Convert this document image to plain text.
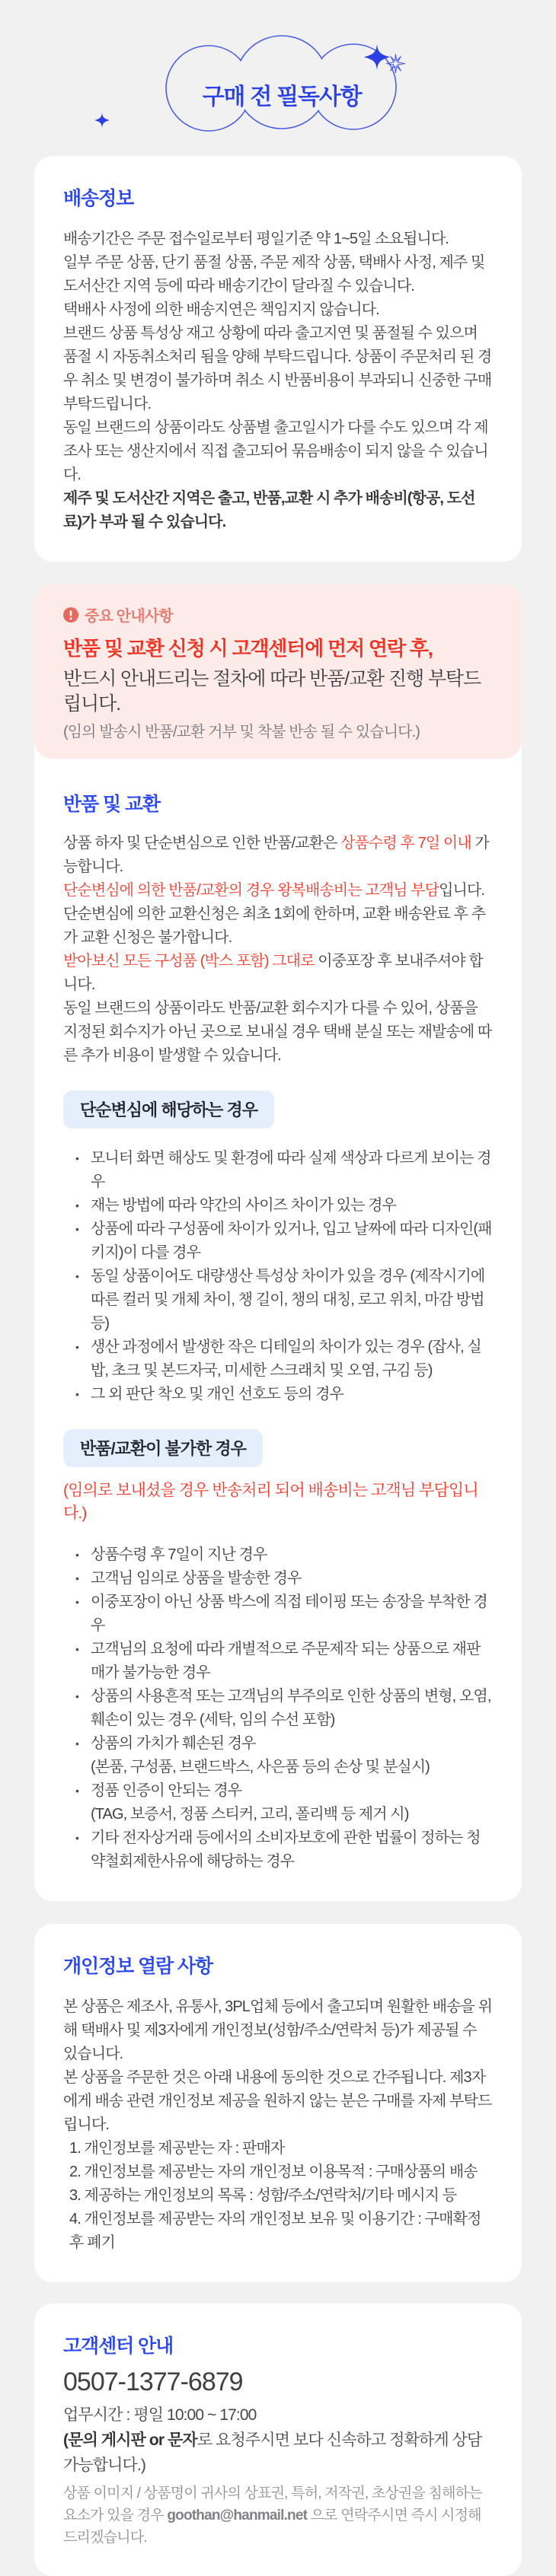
구매 전 필독사항
배송정보
배송기간은 주문 접수일로부터 평일기준 약 1~5일 소요됩니다.
일부 주문 상품, 단기 품절 상품, 주문 제작 상품, 택배사 사정, 제주 및 도서산간 지역 등에 따라 배송기간이 달라질 수 있습니다.
택배사 사정에 의한 배송지연은 책임지지 않습니다.
브랜드 상품 특성상 재고 상황에 따라 출고지연 및 품절될 수 있으며 품절 시 자동취소처리 됨을 양해 부탁드립니다. 상품이 주문처리 된 경우 취소 및 변경이 불가하며 취소 시 반품비용이 부과되니 신중한 구매 부탁드립니다.
동일 브랜드의 상품이라도 상품별 출고일시가 다를 수도 있으며 각 제조사 또는 생산지에서 직접 출고되어 묶음배송이 되지 않을 수 있습니다.
제주 및 도서산간 지역은 출고, 반품,교환 시 추가 배송비(항공, 도선료)가 부과 될 수 있습니다.
중요 안내사항
반품 및 교환 신청 시 고객센터에 먼저 연락 후,
반드시 안내드리는 절차에 따라 반품/교환 진행 부탁드립니다.
(임의 발송시 반품/교환 거부 및 착불 반송 될 수 있습니다.)
반품 및 교환
상품 하자 및 단순변심으로 인한 반품/교환은 상품수령 후 7일 이내 가능합니다.
단순변심에 의한 반품/교환의 경우 왕복배송비는 고객님 부담입니다.
단순변심에 의한 교환신청은 최초 1회에 한하며, 교환 배송완료 후 추가 교환 신청은 불가합니다.
받아보신 모든 구성품 (박스 포함) 그대로 이중포장 후 보내주셔야 합니다.
동일 브랜드의 상품이라도 반품/교환 회수지가 다를 수 있어, 상품을 지정된 회수지가 아닌 곳으로 보내실 경우 택배 분실 또는 재발송에 따른 추가 비용이 발생할 수 있습니다.
단순변심에 해당하는 경우
• 모니터 화면 해상도 및 환경에 따라 실제 색상과 다르게 보이는 경우
• 재는 방법에 따라 약간의 사이즈 차이가 있는 경우
• 상품에 따라 구성품에 차이가 있거나, 입고 날짜에 따라 디자인(패키지)이 다를 경우
• 동일 상품이어도 대량생산 특성상 차이가 있을 경우 (제작시기에 따른 컬러 및 개체 차이, 챙 길이, 챙의 대칭, 로고 위치, 마감 방법 등)
• 생산 과정에서 발생한 작은 디테일의 차이가 있는 경우 (잡사, 실밥, 초크 및 본드자국, 미세한 스크래치 및 오염, 구김 등)
• 그 외 판단 착오 및 개인 선호도 등의 경우
반품/교환이 불가한 경우
(임의로 보내셨을 경우 반송처리 되어 배송비는 고객님 부담입니다.)
• 상품수령 후 7일이 지난 경우
• 고객님 임의로 상품을 발송한 경우
• 이중포장이 아닌 상품 박스에 직접 테이핑 또는 송장을 부착한 경우
• 고객님의 요청에 따라 개별적으로 주문제작 되는 상품으로 재판매가 불가능한 경우
• 상품의 사용흔적 또는 고객님의 부주의로 인한 상품의 변형, 오염, 훼손이 있는 경우 (세탁, 임의 수선 포함)
• 상품의 가치가 훼손된 경우
(본품, 구성품, 브랜드박스, 사은품 등의 손상 및 분실시)
• 정품 인증이 안되는 경우
(TAG, 보증서, 정품 스티커, 고리, 폴리백 등 제거 시)
• 기타 전자상거래 등에서의 소비자보호에 관한 법률이 정하는 청약철회제한사유에 해당하는 경우
개인정보 열람 사항
본 상품은 제조사, 유통사, 3PL업체 등에서 출고되며 원활한 배송을 위해 택배사 및 제3자에게 개인정보(성함/주소/연락처 등)가 제공될 수 있습니다.
본 상품을 주문한 것은 아래 내용에 동의한 것으로 간주됩니다. 제3자에게 배송 관련 개인정보 제공을 원하지 않는 분은 구매를 자제 부탁드립니다.
1. 개인정보를 제공받는 자 : 판매자
2. 개인정보를 제공받는 자의 개인정보 이용목적 : 구매상품의 배송
3. 제공하는 개인정보의 목록 : 성함/주소/연락처/기타 메시지 등
4. 개인정보를 제공받는 자의 개인정보 보유 및 이용기간 : 구매확정 후 폐기
고객센터 안내
0507-1377-6879
업무시간 : 평일 10:00 ~ 17:00
(문의 게시판 or 문자로 요청주시면 보다 신속하고 정확하게 상담 가능합니다.)
상품 이미지 / 상품명이 귀사의 상표권, 특허, 저작권, 초상권을 침해하는 요소가 있을 경우 goothan@hanmail.net 으로 연락주시면 즉시 시정해드리겠습니다.
